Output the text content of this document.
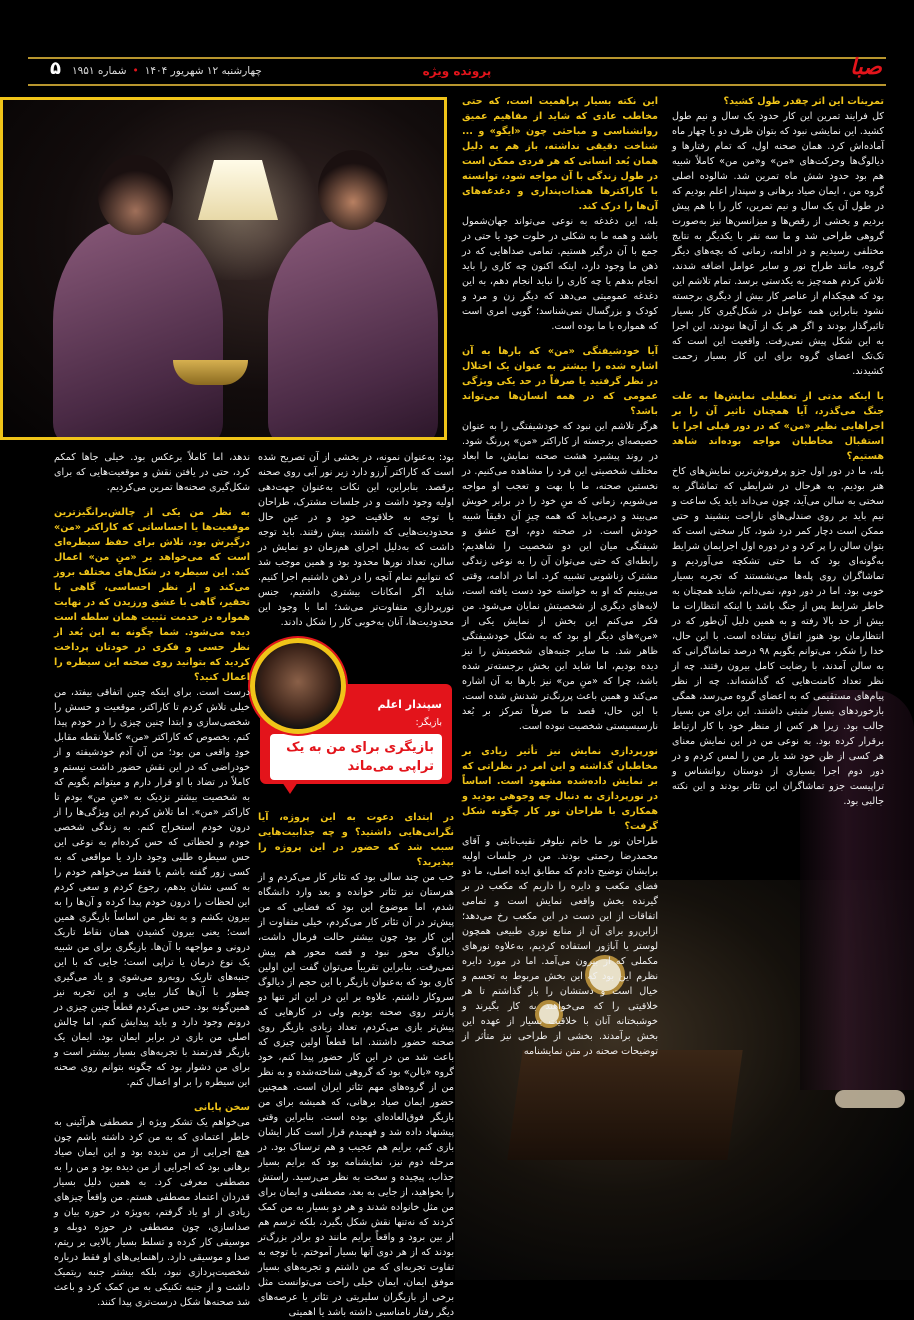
صبا
پرونده ویژه
چهارشنبه ۱۲ شهریور ۱۴۰۴
•
شماره ۱۹۵۱
۵

تمرینات این اثر چقدر طول کشید؟

کل فرایند تمرین این کار حدود یک سال و نیم طول کشید. این نمایشی نبود که بتوان ظرف دو یا چهار ماه آماده‌اش کرد. همان صحنه اول، که تمام رفتارها و دیالوگ‌ها وحرکت‌های «من» و«من من» کاملاً شبیه هم بود حدود شش ماه تمرین شد. شالوده اصلی گروه من ، ایمان صیاد برهانی و سپندار اعلم بودیم که در طول آن یک سال و نیم تمرین، کار را با هم پیش بردیم و بخشی از رقص‌ها و میزانسن‌ها نیز به‌صورت گروهی طراحی شد و ما سه نفر با یکدیگر به نتایج مختلفی رسیدیم و در ادامه، زمانی که بچه‌های دیگر گروه، مانند طراح نور و سایر عوامل اضافه شدند، تلاش کردم همه‌چیز به یکدستی برسد. تمام تلاشم این بود که هیچکدام از عناصر کار بیش از دیگری برجسته نشود بنابراین همه عوامل در شکل‌گیری کار بسیار تاثیرگذار بودند و اگر هر یک از آن‌ها نبودند، این اجرا به این شکل پیش نمی‌رفت. واقعیت این است که تک‌تک اعضای گروه برای این کار بسیار زحمت کشیدند.

با اینکه مدتی از تعطیلی نمایش‌ها به علت جنگ می‌گذرد، آیا همچنان تاثیر آن را بر اجراهایی نظیر «من» که در دور قبلی اجرا با استقبال مخاطبان مواجه بوده‌اند شاهد هستیم؟

بله، ما در دور اول جزو پرفروش‌ترین نمایش‌های کاخ هنر بودیم. به هرحال در شرایطی که تماشاگر به سختی به سالن می‌آید، چون می‌داند باید یک ساعت و نیم باید بر روی صندلی‌های ناراحت بنشیند و حتی ممکن است دچار کمر درد شود، کار سختی است که بتوان سالن را پر کرد و در دوره اول اجرایمان شرایط به‌گونه‌ای بود که ما حتی تشکچه می‌آوردیم و تماشاگران روی پله‌ها می‌نشستند که تجربه بسیار خوبی بود. اما در دور دوم، نمی‌دانم، شاید همچنان به خاطر شرایط پس از جنگ باشد یا اینکه انتظارات ما بیش از حد بالا رفته و به همین دلیل آن‌طور که در انتظارمان بود هنوز اتفاق نیفتاده است. با این حال، خدا را شکر، می‌توانم بگویم ۹۸ درصد تماشاگرانی که به سالن آمدند، با رضایت کامل بیرون رفتند. چه از نظر تعداد کامنت‌هایی که گذاشته‌اند. چه از نظر پیام‌های مستقیمی که به اعضای گروه می‌رسد، همگی بازخوردهای بسیار مثبتی داشتند. این برای من بسیار جالب بود. زیرا هر کس از منظر خود با کار ارتباط برقرار کرده بود. به نوعی من در این نمایش معنای هر کسی از ظن خود شد یار من را لمس کردم و در دور دوم اجرا بسیاری از دوستان روانشناس و تراپیست جزو تماشاگران این تئاتر بودند و این نکته جالبی بود.

این نکته بسیار پراهمیت است، که حتی مخاطب عادی که شاید از مفاهیم عمیق روانشناسی و مباحثی چون «ایگو» و ... شناخت دقیقی نداشته، باز هم به دلیل همان بُعد انسانی که هر فردی ممکن است در طول زندگی با آن مواجه شود، توانسته با کاراکترها همذات‌پنداری و دغدغه‌های آن‌ها را درک کند.

بله، این دغدغه به نوعی می‌تواند جهان‌شمول باشد و همه ما به شکلی در خلوت خود یا حتی در جمع با آن درگیر هستیم. تمامی صداهایی که در ذهن ما وجود دارد، اینکه اکنون چه کاری را باید انجام بدهم یا چه کاری را نباید انجام دهم، به این دغدغه عمومیتی می‌دهد که دیگر زن و مرد و کودک و بزرگسال نمی‌شناسد؛ گویی امری است که همواره با ما بوده است.

آیا خودشیفتگی «من» که بارها به آن اشاره شده را بیشتر به عنوان یک اختلال در نظر گرفتید یا صرفاً در حد یکی ویژگی عمومی که در همه انسان‌ها می‌تواند باشد؟

هرگز تلاشم این نبود که خودشیفتگی را به عنوان خصیصه‌ای برجسته از کاراکتر «من» پررنگ شود. در روند پیشبرد هشت صحنه نمایش، ما ابعاد مختلف شخصیتی این فرد را مشاهده می‌کنیم. در نخستین صحنه، ما با بهت و تعجب او مواجه می‌شویم، زمانی که منِ خود را در برابر خویش می‌بیند و درمی‌یابد که همه چیزِ آن دقیقاً شبیه خودش است. در صحنه دوم، اوج عشق و شیفتگی میان این دو شخصیت را شاهدیم؛ رابطه‌ای که حتی می‌توان آن را به نوعی زندگی مشترک زناشویی تشبیه کرد. اما در ادامه، وقتی می‌بینیم که او به خواسته خود دست یافته است، لایه‌های دیگری از شخصیتش نمایان می‌شود. من فکر می‌کنم این بخش از نمایش یکی از «من»های دیگر او بود که به شکل خودشیفتگی ظاهر شد. ما سایر جنبه‌های شخصیتش را نیز دیده بودیم، اما شاید این بخش برجسته‌تر شده باشد، چرا که «منِ من» نیز بارها به آن اشاره می‌کند و همین باعث پررنگ‌تر شدنش شده است. با این حال، قصد ما صرفاً تمرکز بر بُعد نارسیسیستی شخصیت نبوده است.

نورپردازی نمایش نیز تأثیر زیادی بر مخاطبان گذاشته و این امر در نظراتی که بر نمایش داده‌شده مشهود است. اساساً در نورپردازی به دنبال چه وجوهی بودید و همکاری با طراحان نور کار چگونه شکل گرفت؟

طراحان نور ما خانم نیلوفر نقیب‌ثابتی و آقای محمدرضا رحمتی بودند. من در جلسات اولیه برایشان توضیح دادم که مطابق ایده اصلی، ما دو فضای مکعب و دایره را داریم که مکعب در بر گیرنده بخش واقعی نمایش است و تمامی اتفاقات از این دست در این مکعب رخ می‌دهد؛ ازاین‌رو برای آن از منابع نوری طبیعی همچون لوستر یا آباژور استفاده کردیم، به‌علاوه نورهای مکملی که از بیرون می‌آمد. اما در مورد دایره نظرم این بود که این بخش مربوط به تجسم و خیال است و دستشان را باز گذاشتم تا هر خلاقیتی را که می‌خواهند به کار بگیرند و خوشبختانه آنان با خلاقیت بسیار از عهده این بخش برآمدند. بخشی از طراحی نیز متأثر از توضیحات صحنه در متن نمایشنامه

بود: به‌عنوان نمونه، در بخشی از آن تصریح شده است که کاراکتر آرزو دارد زیر نور آبی روی صحنه برقصد. بنابراین، این نکات به‌عنوان جهت‌دهی اولیه وجود داشت و در جلسات مشترک، طراحان با توجه به خلاقیت خود و در عین حال محدودیت‌هایی که داشتند، پیش رفتند. باید توجه داشت که به‌دلیل اجرای هم‌زمان دو نمایش در سالن، تعداد نورها محدود بود و همین موجب شد که نتوانیم تمام آنچه را در ذهن داشتیم اجرا کنیم. شاید اگر امکانات بیشتری داشتیم، جنس نورپردازی متفاوت‌تر می‌شد؛ اما با وجود این محدودیت‌ها، آنان به‌خوبی کار را شکل دادند.

سپندار اعلم
بازیگر:
بازیگری برای من به یک تراپی می‌ماند

در ابتدای دعوت به این پروژه، آیا نگرانی‌هایی داشتید؟ و چه جذابیت‌هایی سبب شد که حضور در این پروژه را بپذیرید؟

خب من چند سالی بود که تئاتر کار می‌کردم و از هنرستان نیز تئاتر خوانده و بعد وارد دانشگاه شدم، اما موضوع این بود که فضایی که من پیش‌تر در آن تئاتر کار می‌کردم، خیلی متفاوت از این کار بود چون بیشتر حالت فرمال داشت، دیالوگ محور نبود و قصه محور هم پیش نمی‌رفت. بنابراین تقریباً می‌توان گفت این اولین کاری بود که به‌عنوان بازیگر با این حجم از دیالوگ سروکار داشتم. علاوه بر این در این اثر تنها دو پارتنر روی صحنه بودیم ولی در کارهایی که پیش‌تر بازی می‌کردم، تعداد زیادی بازیگر روی صحنه حضور داشتند. اما قطعاً اولین چیزی که باعث شد من در این کار حضور پیدا کنم، خود گروه «بالن» بود که گروهی شناخته‌شده و به نظر من از گروه‌های مهم تئاتر ایران است. همچنین حضور ایمان صیاد برهانی، که همیشه برای من بازیگر فوق‌العاده‌ای بوده است. بنابراین وقتی پیشنهاد داده شد و فهمیدم قرار است کنار ایشان بازی کنم، برایم هم عجیب و هم ترسناک بود. در مرحله دوم نیز، نمایشنامه بود که برایم بسیار جذاب، پیچیده و سخت به نظر می‌رسید. راستش را بخواهید، از جایی به بعد، مصطفی و ایمان برای من مثل خانواده شدند و هر دو بسیار به من کمک کردند که نه‌تنها نقش شکل بگیرد، بلکه ترسم هم از بین برود و واقعاً برایم مانند دو برادر بزرگ‌تر بودند که از هر دوی آنها بسیار آموختم. با توجه به تفاوت تجربه‌ای که من داشتم و تجربه‌های بسیار موفق ایمان، ایمان خیلی راحت می‌توانست مثل برخی از بازیگران سلبریتی در تئاتر یا عرصه‌های دیگر رفتار نامناسبی داشته باشد یا اهمیتی

ندهد، اما کاملاً برعکس بود. خیلی جاها کمکم کرد، حتی در یافتن نقش و موقعیت‌هایی که برای شکل‌گیری صحنه‌ها تمرین می‌کردیم.

به نظر من یکی از چالش‌برانگیزترین موقعیت‌ها یا احساساتی که کاراکتر «من» درگیرش بود، تلاش برای حفظ سیطره‌ای است که می‌خواهد بر «منِ من» اعمال کند. این سیطره در شکل‌های مختلف بروز می‌کند و از نظر احساسی، گاهی با تحقیر، گاهی با عشق ورزیدن که در نهایت همواره در خدمت تثبیت همان سلطه است دیده می‌شود. شما چگونه به این بُعد از نظر حسی و فکری در خودتان پرداخت کردید که بتوانید روی صحنه این سیطره را اعمال کنید؟

درست است. برای اینکه چنین اتفاقی بیفتد، من خیلی تلاش کردم تا کاراکتر، موقعیت و حسش را شخصی‌سازی و ابتدا چنین چیزی را در خودم پیدا کنم. بخصوص که کاراکتر «من» کاملاً نقطه مقابل خودِ واقعی من بود؛ من آن آدم خودشیفته و از خودراضی که در این نقش حضور داشت نیستم و کاملاً در تضاد با او قرار دارم و میتوانم بگویم که به شخصیت بیشتر نزدیک به «منِ من» بودم تا کاراکتر «من». اما تلاش کردم این ویژگی‌ها را از درون خودم استخراج کنم. به زندگی شخصی خودم و لحظاتی که حس کرده‌ام به نوعی این حس سیطره طلبی وجود دارد یا مواقعی که به کسی زور گفته باشم یا فقط می‌خواهم خودم را به کسی نشان بدهم، رجوع کردم و سعی کردم این لحظات را درون خودم پیدا کرده و آن‌ها را به بیرون بکشم و به نظر من اساساً بازیگری همین است؛ یعنی بیرون کشیدن همان نقاط تاریک درونی و مواجهه با آن‌ها. بازیگری برای من شبیه یک نوع درمان یا تراپی است؛ جایی که با این جنبه‌های تاریک روبه‌رو می‌شوی و یاد می‌گیری چطور با آن‌ها کنار بیایی و این تجربه نیز همین‌گونه بود. حس می‌کردم قطعاً چنین چیزی در درونم وجود دارد و باید پیدایش کنم. اما چالش اصلی من بازی در برابر ایمان بود. ایمان یک بازیگر قدرتمند با تجربه‌های بسیار بیشتر است و برای من دشوار بود که چگونه بتوانم روی صحنه این سیطره را بر او اعمال کنم.

سخن پایانی

می‌خواهم یک تشکر ویژه از مصطفی هرآئینی به خاطر اعتمادی که به من کرد داشته باشم چون هیچ اجرایی از من ندیده بود و این ایمان صیاد برهانی بود که اجرایی از من دیده بود و من را به مصطفی معرفی کرد. به همین دلیل بسیار قدردان اعتماد مصطفی هستم. من واقعاً چیزهای زیادی از او یاد گرفتم، به‌ویژه در حوزه بیان و صداسازی، چون مصطفی در حوزه دوبله و موسیقی کار کرده و تسلط بسیار بالایی بر ریتم، صدا و موسیقی دارد. راهنمایی‌های او فقط درباره شخصیت‌پردازی نبود، بلکه بیشتر جنبه ریتمیک داشت و از جنبه تکنیکی به من کمک کرد و باعث شد صحنه‌ها شکل درست‌تری پیدا کنند.
